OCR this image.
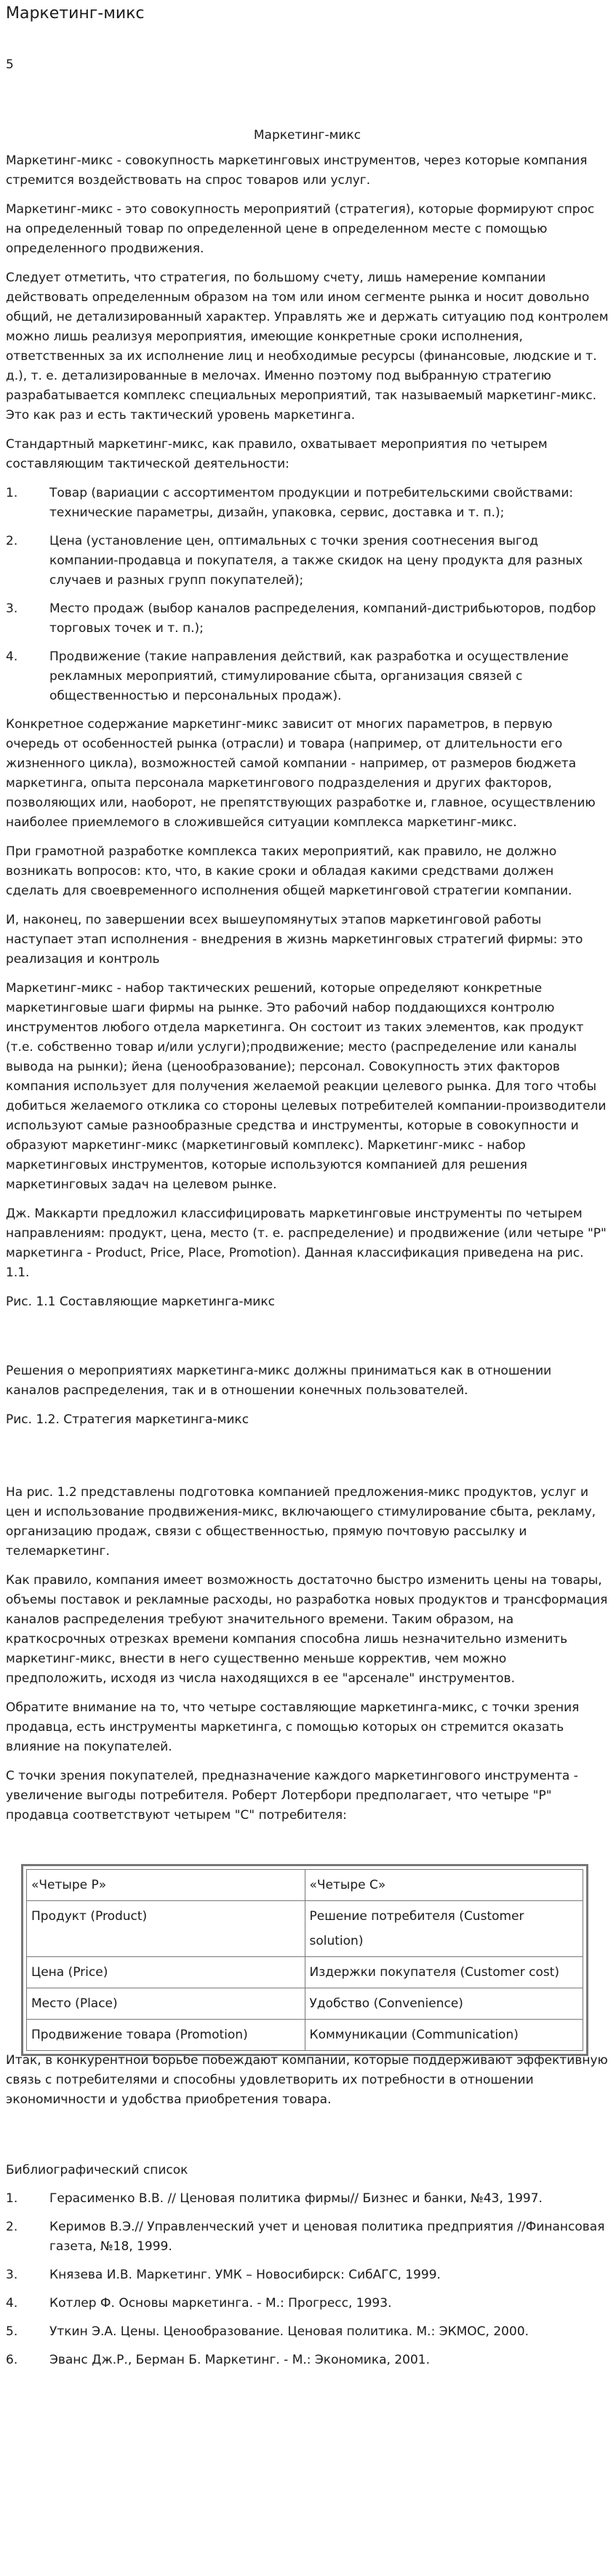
Маркетинг-микс
5
Маркетинг-микс

Маркетинг-микс - совокупность маркетинговых инструментов, через которые компания стремится воздействовать на спрос товаров или услуг.

Маркетинг-микс - это совокупность мероприятий (стратегия), которые формируют спрос на определенный товар по определенной цене в определенном месте с помощью определенного продвижения.

Следует отметить, что стратегия, по большому счету, лишь намерение компании действовать определенным образом на том или ином сегменте рынка и носит довольно общий, не детализированный характер. Управлять же и держать ситуацию под контролем можно лишь реализуя мероприятия, имеющие конкретные сроки исполнения, ответственных за их исполнение лиц и необходимые ресурсы (финансовые, людские и т. д.), т. е. детализированные в мелочах. Именно поэтому под выбранную стратегию разрабатывается комплекс специальных мероприятий, так называемый маркетинг-микс. Это как раз и есть тактический уровень маркетинга.

Стандартный маркетинг-микс, как правило, охватывает мероприятия по четырем составляющим тактической деятельности:

1.	Товар (вариации с ассортиментом продукции и потребительскими свойствами: технические параметры, дизайн, упаковка, сервис, доставка и т. п.);
2.	Цена (установление цен, оптимальных с точки зрения соотнесения выгод компании-продавца и покупателя, а также скидок на цену продукта для разных случаев и разных групп покупателей);
3.	Место продаж (выбор каналов распределения, компаний-дистрибьюторов, подбор торговых точек и т. п.);
4.	Продвижение (такие направления действий, как разработка и осуществление рекламных мероприятий, стимулирование сбыта, организация связей с общественностью и персональных продаж).

Конкретное содержание маркетинг-микс зависит от многих параметров, в первую очередь от особенностей рынка (отрасли) и товара (например, от длительности его жизненного цикла), возможностей самой компании - например, от размеров бюджета маркетинга, опыта персонала маркетингового подразделения и других факторов, позволяющих или, наоборот, не препятствующих разработке и, главное, осуществлению наиболее приемлемого в сложившейся ситуации комплекса маркетинг-микс.

При грамотной разработке комплекса таких мероприятий, как правило, не должно возникать вопросов: кто, что, в какие сроки и обладая какими средствами должен сделать для своевременного исполнения общей маркетинговой стратегии компании.

И, наконец, по завершении всех вышеупомянутых этапов маркетинговой работы наступает этап исполнения - внедрения в жизнь маркетинговых стратегий фирмы: это реализация и контроль

Маркетинг-микс - набор тактических решений, которые определяют конкретные маркетинговые шаги фирмы на рынке. Это рабочий набор поддающихся контролю инструментов любого отдела маркетинга. Он состоит из таких элементов, как продукт (т.е. собственно товар и/или услуги);продвижение; место (распределение или каналы вывода на рынки); йена (ценообразование); персонал. Совокупность этих факторов компания использует для получения желаемой реакции целевого рынка. Для того чтобы добиться желаемого отклика со стороны целевых потребителей компании-производители используют самые разнообразные средства и инструменты, которые в совокупности и образуют маркетинг-микс (маркетинговый комплекс). Маркетинг-микс - набор маркетинговых инструментов, которые используются компанией для решения маркетинговых задач на целевом рынке.

Дж. Маккарти предложил классифицировать маркетинговые инструменты по четырем направлениям: продукт, цена, место (т. е. распределение) и продвижение (или четыре "Р" маркетинга - Product, Price, Place, Promotion). Данная классификация приведена на рис. 1.1.

Рис. 1.1 Составляющие маркетинга-микс

Решения о мероприятиях маркетинга-микс должны приниматься как в отношении каналов распределения, так и в отношении конечных пользователей.

Рис. 1.2. Стратегия маркетинга-микс

На рис. 1.2 представлены подготовка компанией предложения-микс продуктов, услуг и цен и использование продвижения-микс, включающего стимулирование сбыта, рекламу, организацию продаж, связи с общественностью, прямую почтовую рассылку и телемаркетинг.

Как правило, компания имеет возможность достаточно быстро изменить цены на товары, объемы поставок и рекламные расходы, но разработка новых продуктов и трансформация каналов распределения требуют значительного времени. Таким образом, на краткосрочных отрезках времени компания способна лишь незначительно изменить маркетинг-микс, внести в него существенно меньше корректив, чем можно предположить, исходя из числа находящихся в ее "арсенале" инструментов.

Обратите внимание на то, что четыре составляющие маркетинга-микс, с точки зрения продавца, есть инструменты маркетинга, с помощью которых он стремится оказать влияние на покупателей.

С точки зрения покупателей, предназначение каждого маркетингового инструмента - увеличение выгоды потребителя. Роберт Лотербори предполагает, что четыре "Р" продавца соответствуют четырем "С" потребителя:

«Четыре Р»	«Четыре С»
Продукт (Product)	Решение потребителя (Customer solution)
Цена (Price)	Издержки покупателя (Customer cost)
Место (Place)	Удобство (Convenience)
Продвижение товара (Promotion)	Коммуникации (Communication)

Итак, в конкурентной борьбе побеждают компании, которые поддерживают эффективную связь с потребителями и способны удовлетворить их потребности в отношении экономичности и удобства приобретения товара.

Библиографический список
1.	Герасименко В.В. // Ценовая политика фирмы// Бизнес и банки, №43, 1997.
2.	Керимов В.Э.// Управленческий учет и ценовая политика предприятия //Финансовая газета, №18, 1999.
3.	Князева И.В. Маркетинг. УМК – Новосибирск: СибАГС, 1999.
4.	Котлер Ф. Основы маркетинга. - М.: Прогресс, 1993.
5.	Уткин Э.А. Цены. Ценообразование. Ценовая политика. М.: ЭКМОС, 2000.
6.	Эванс Дж.Р., Берман Б. Маркетинг. - М.: Экономика, 2001.
